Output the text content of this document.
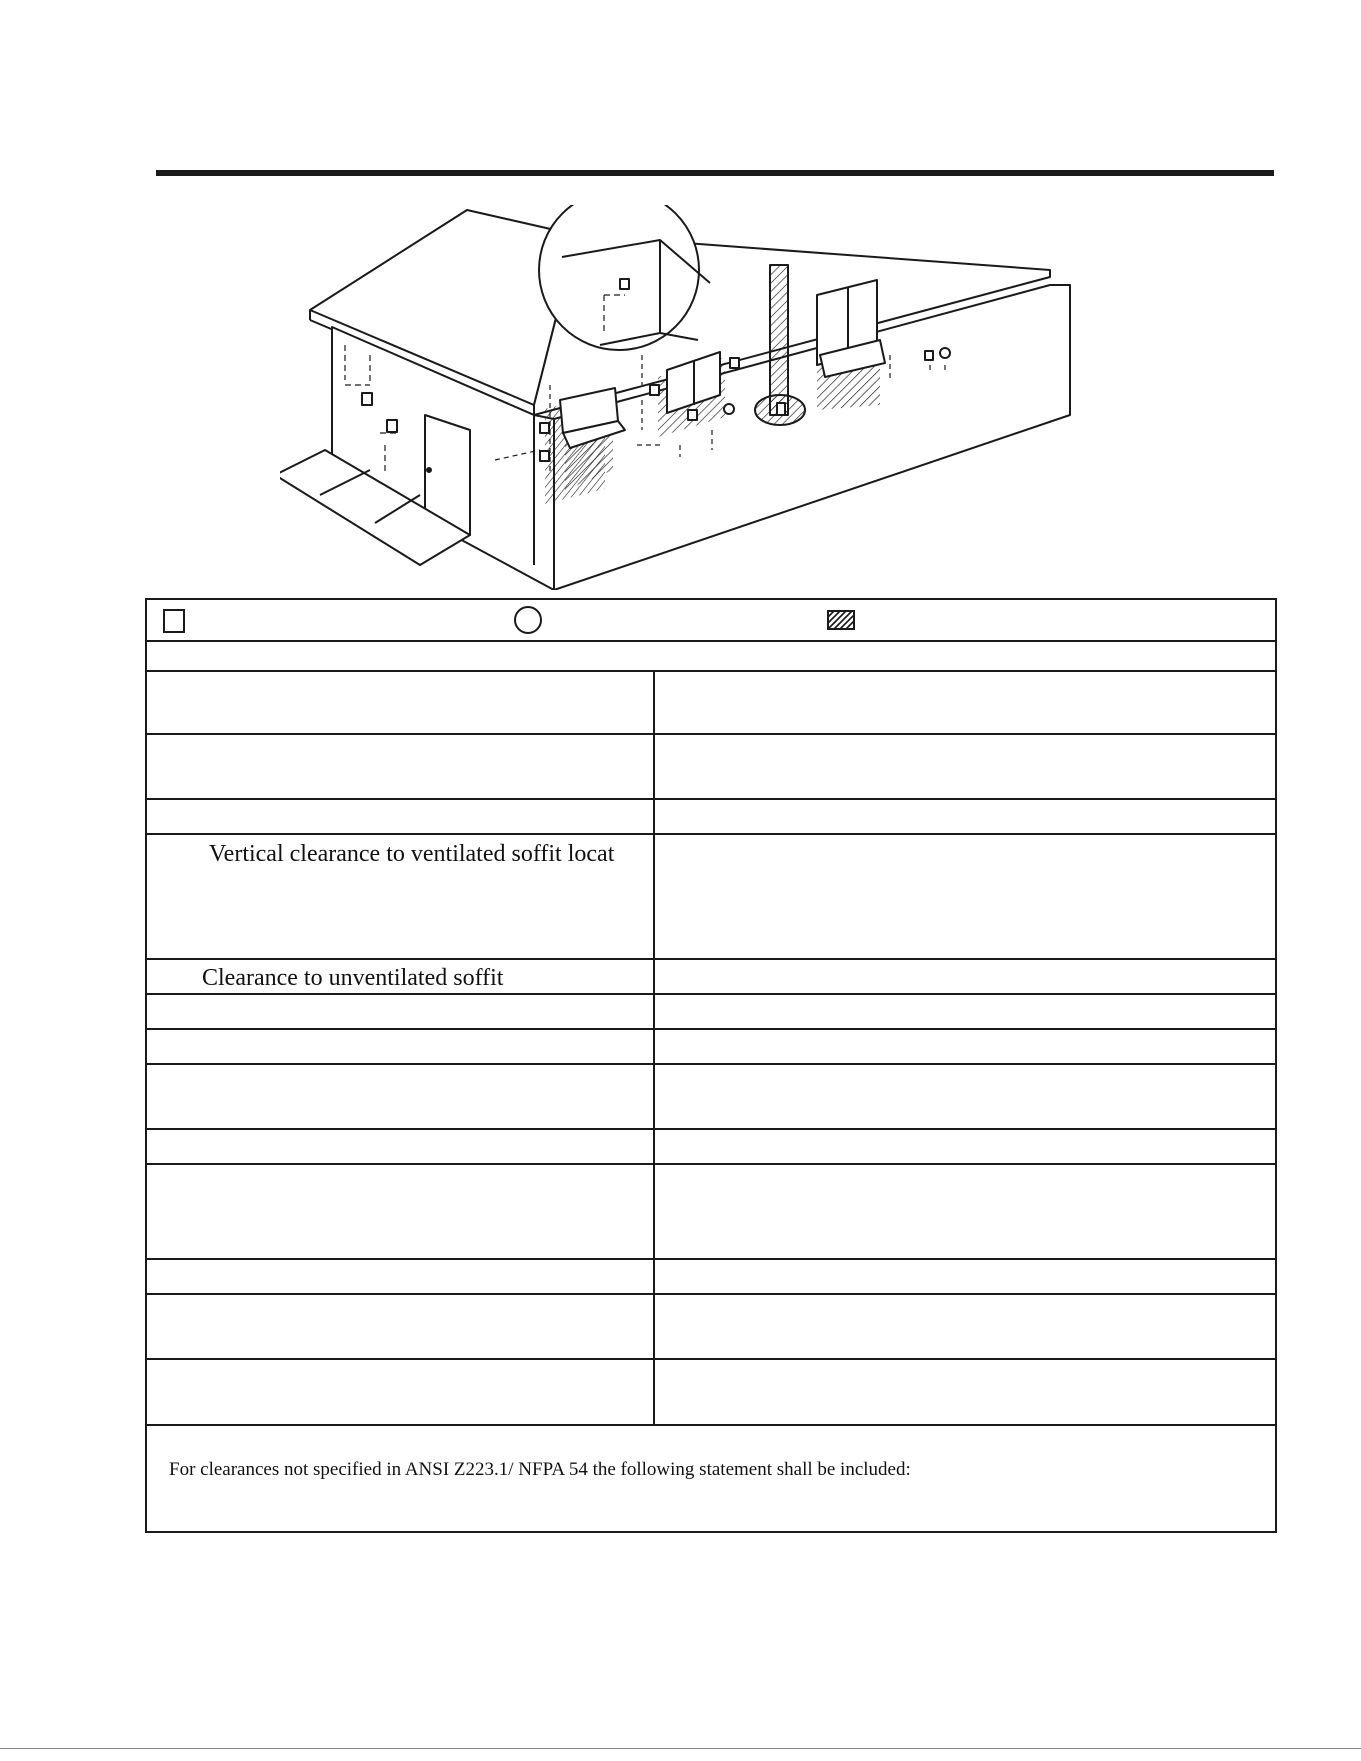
Vertical clearance to ventilated soffit locat
Clearance to unventilated soffit
For clearances not specified in ANSI Z223.1/ NFPA 54 the following statement shall be included:
